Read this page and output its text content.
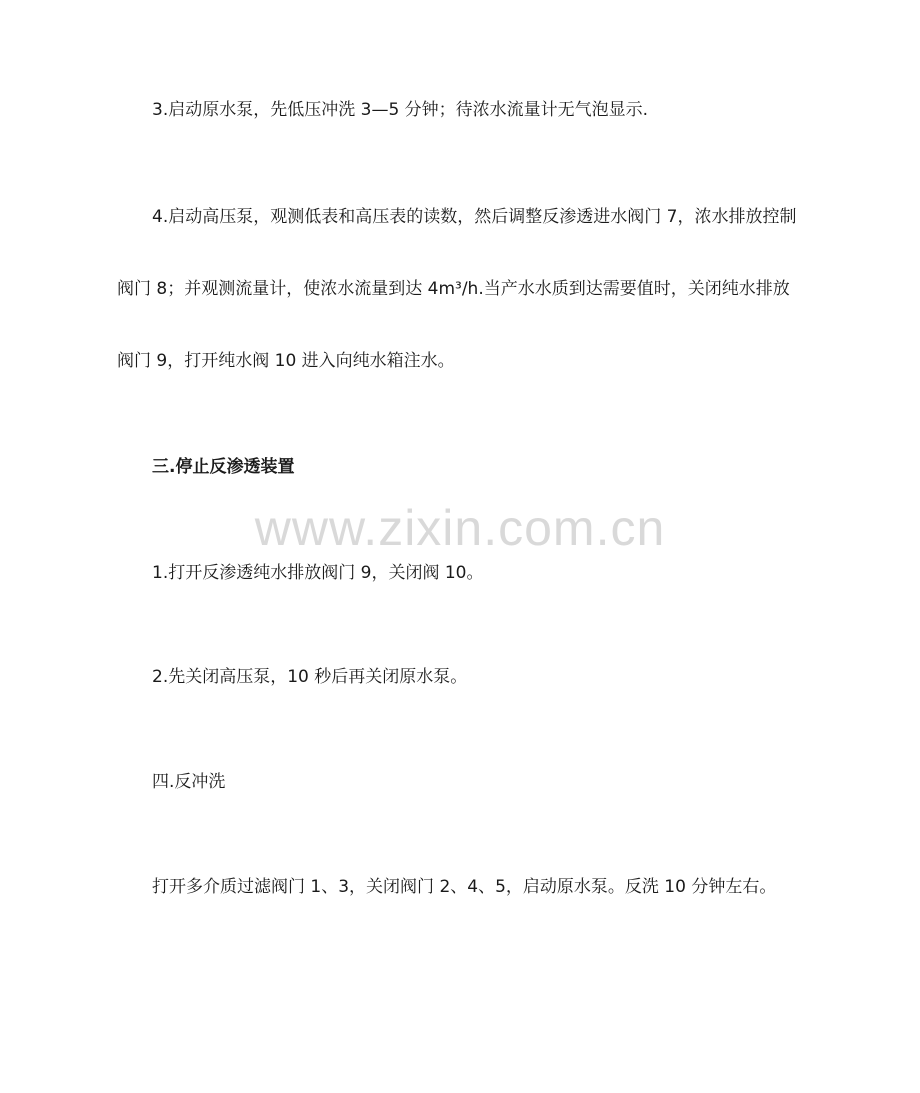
3.启动原水泵，先低压冲洗 3—5 分钟；待浓水流量计无气泡显示.
4.启动高压泵，观测低表和高压表的读数，然后调整反渗透进水阀门 7，浓水排放控制
阀门 8；并观测流量计，使浓水流量到达 4m³/h.当产水水质到达需要值时，关闭纯水排放
阀门 9，打开纯水阀 10 进入向纯水箱注水。
三.停止反渗透装置
www.zixin.com.cn
1.打开反渗透纯水排放阀门 9，关闭阀 10。
2.先关闭高压泵，10 秒后再关闭原水泵。
四.反冲洗
打开多介质过滤阀门 1、3，关闭阀门 2、4、5，启动原水泵。反洗 10 分钟左右。
